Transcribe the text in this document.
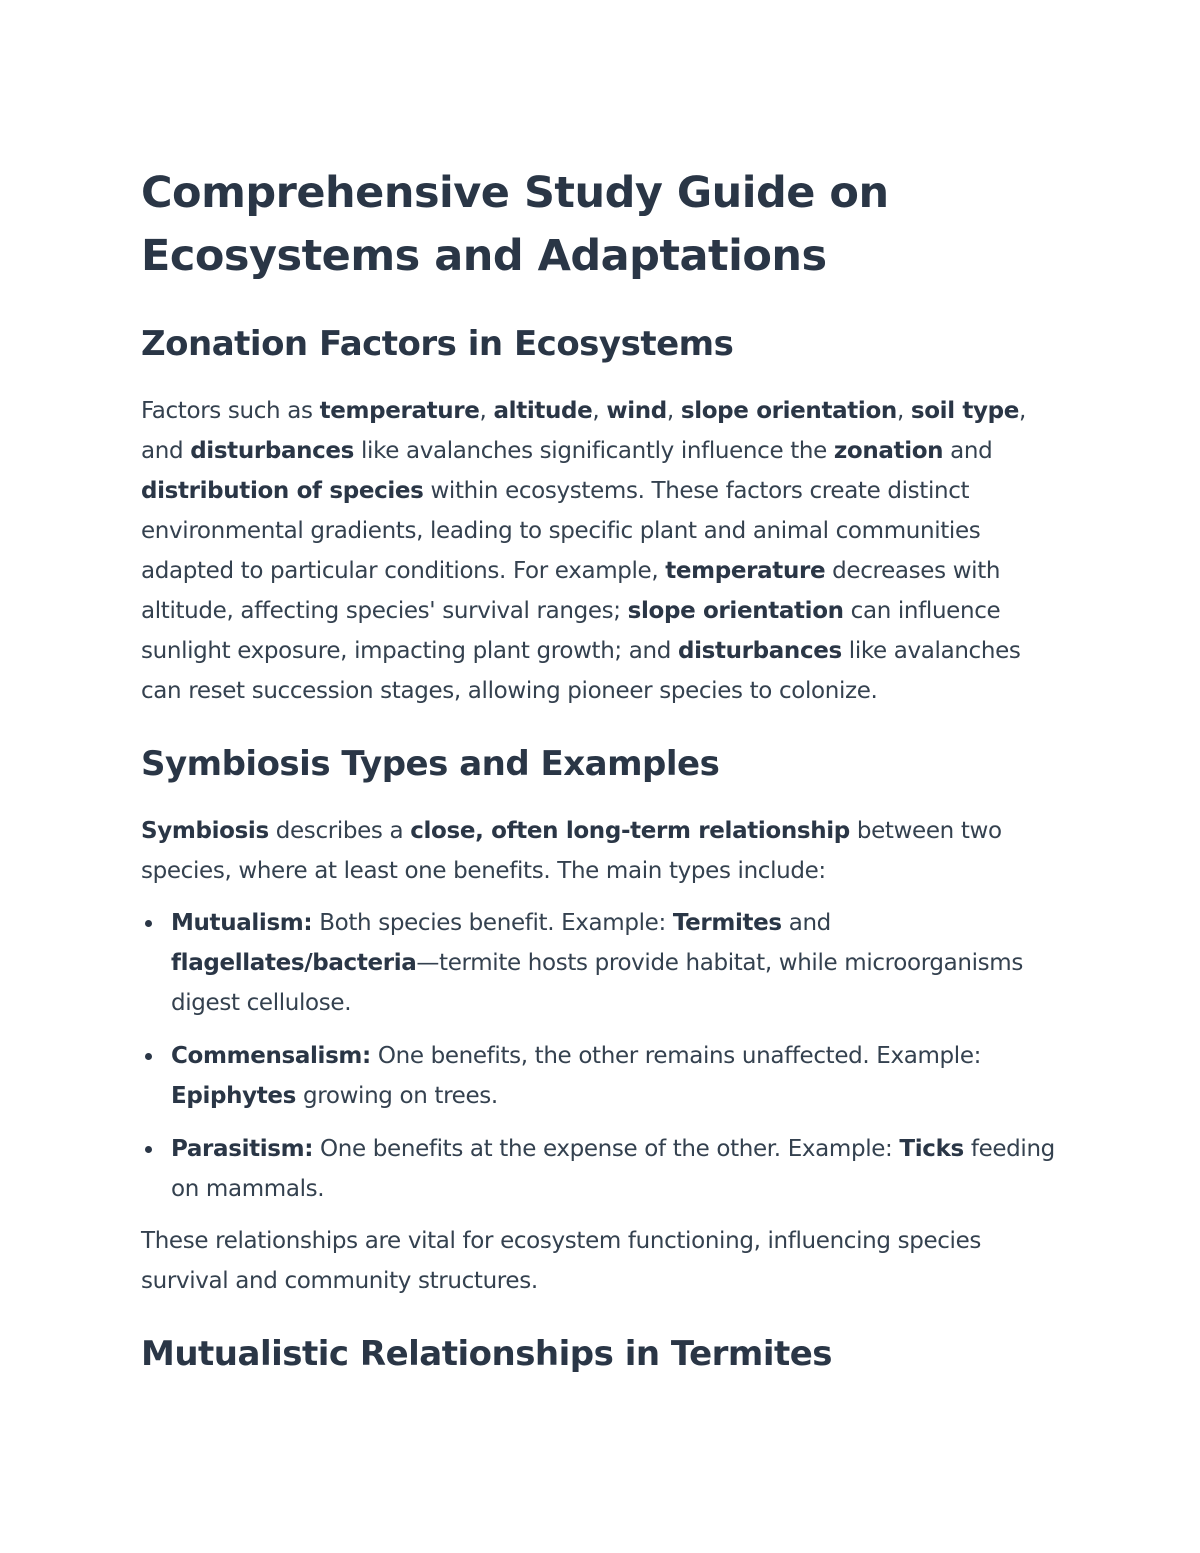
Comprehensive Study Guide on Ecosystems and Adaptations
Zonation Factors in Ecosystems

Factors such as temperature, altitude, wind, slope orientation, soil type, and disturbances like avalanches significantly influence the zonation and distribution of species within ecosystems. These factors create distinct environmental gradients, leading to specific plant and animal communities adapted to particular conditions. For example, temperature decreases with altitude, affecting species' survival ranges; slope orientation can influence sunlight exposure, impacting plant growth; and disturbances like avalanches can reset succession stages, allowing pioneer species to colonize.

Symbiosis Types and Examples

Symbiosis describes a close, often long-term relationship between two species, where at least one benefits. The main types include:

Mutualism: Both species benefit. Example: Termites and flagellates/bacteria—termite hosts provide habitat, while microorganisms digest cellulose.
Commensalism: One benefits, the other remains unaffected. Example: Epiphytes growing on trees.
Parasitism: One benefits at the expense of the other. Example: Ticks feeding on mammals.

These relationships are vital for ecosystem functioning, influencing species survival and community structures.

Mutualistic Relationships in Termites
